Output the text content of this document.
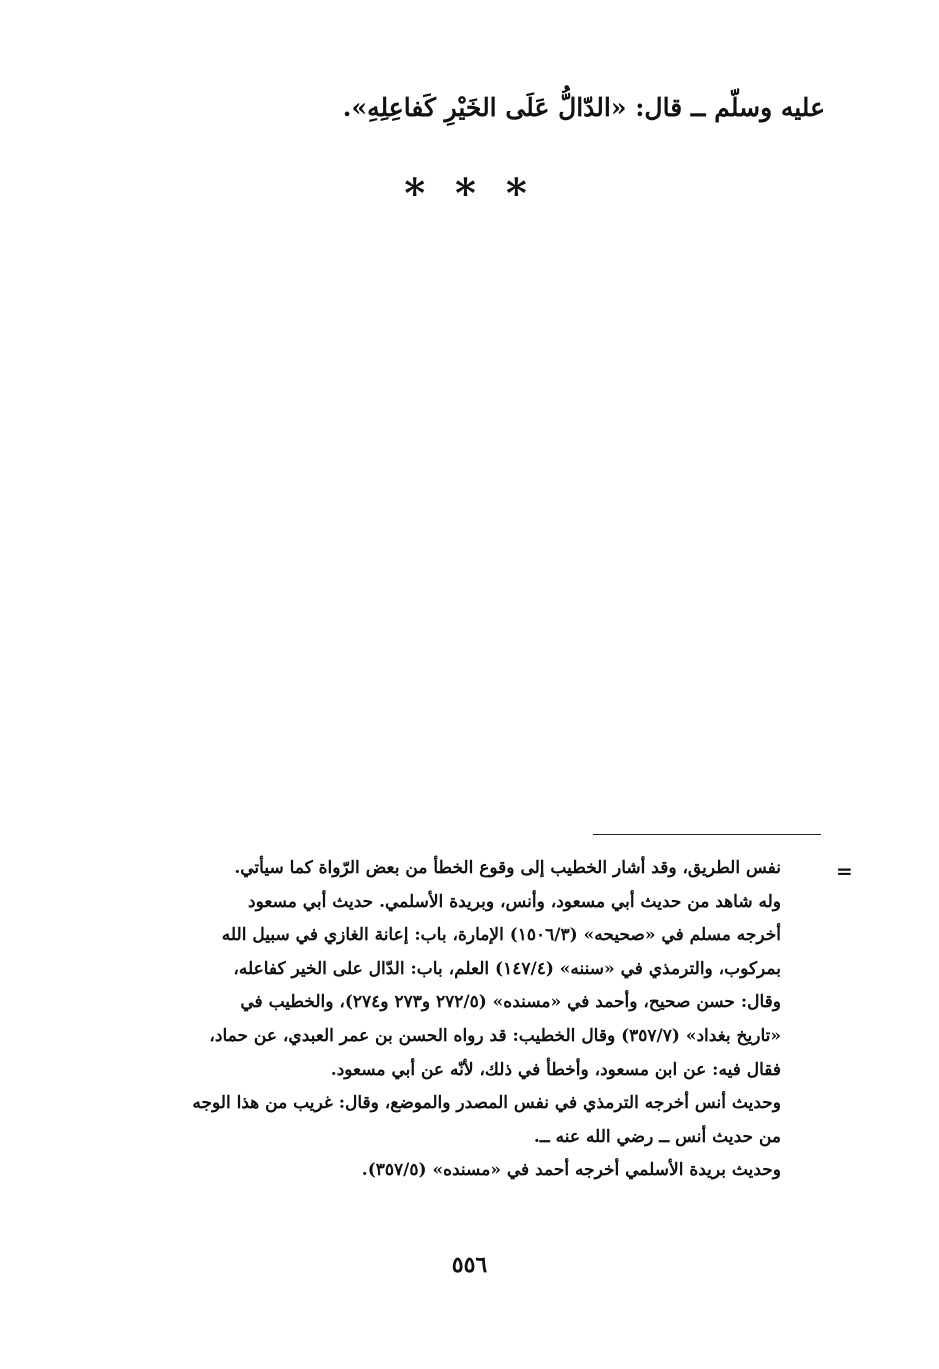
عليه وسلّم ــ قال: «الدّالُّ عَلَى الخَيْرِ كَفاعِلِهِ».
* * *
=
نفس الطريق، وقد أشار الخطيب إلى وقوع الخطأ من بعض الرّواة كما سيأتي.
وله شاهد من حديث أبي مسعود، وأنس، وبريدة الأسلمي. حديث أبي مسعود
أخرجه مسلم في «صحيحه» (١٥٠٦/٣) الإمارة، باب: إعانة الغازي في سبيل الله
بمركوب، والترمذي في «سننه» (١٤٧/٤) العلم، باب: الدّال على الخير كفاعله،
وقال: حسن صحيح، وأحمد في «مسنده» (٢٧٢/٥ و٢٧٣ و٢٧٤)، والخطيب في
«تاريخ بغداد» (٣٥٧/٧) وقال الخطيب: قد رواه الحسن بن عمر العبدي، عن حماد،
فقال فيه: عن ابن مسعود، وأخطأ في ذلك، لأنّه عن أبي مسعود.
وحديث أنس أخرجه الترمذي في نفس المصدر والموضع، وقال: غريب من هذا الوجه
من حديث أنس ــ رضي الله عنه ــ.
وحديث بريدة الأسلمي أخرجه أحمد في «مسنده» (٣٥٧/٥).
٥٥٦
